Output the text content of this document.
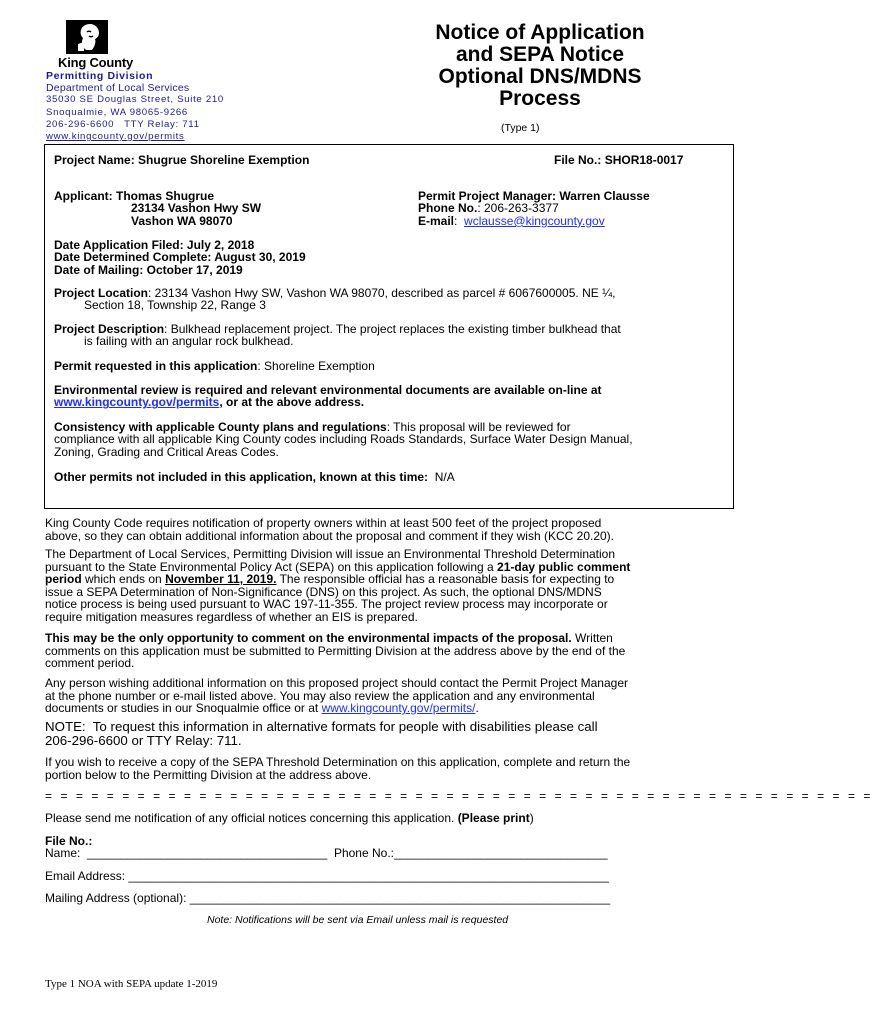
King County
Permitting Division
Department of Local Services
35030 SE Douglas Street, Suite 210
Snoqualmie, WA 98065-9266
206-296-6600   TTY Relay: 711
www.kingcounty.gov/permits
Notice of Application
and SEPA Notice
Optional DNS/MDNS
Process
(Type 1)
Project Name: Shugrue Shoreline Exemption	File No.: SHOR18-0017
Applicant: Thomas Shugrue
23134 Vashon Hwy SW
Vashon WA 98070
Permit Project Manager: Warren Clausse
Phone No.: 206-263-3377
E-mail:  wclausse@kingcounty.gov
Date Application Filed: July 2, 2018
Date Determined Complete: August 30, 2019
Date of Mailing: October 17, 2019
Project Location: 23134 Vashon Hwy SW, Vashon WA 98070, described as parcel # 6067600005. NE ¼,
Section 18, Township 22, Range 3
Project Description: Bulkhead replacement project. The project replaces the existing timber bulkhead that
is failing with an angular rock bulkhead.
Permit requested in this application: Shoreline Exemption
Environmental review is required and relevant environmental documents are available on-line at
www.kingcounty.gov/permits, or at the above address.
Consistency with applicable County plans and regulations: This proposal will be reviewed for
compliance with all applicable King County codes including Roads Standards, Surface Water Design Manual,
Zoning, Grading and Critical Areas Codes.
Other permits not included in this application, known at this time:  N/A
King County Code requires notification of property owners within at least 500 feet of the project proposed
above, so they can obtain additional information about the proposal and comment if they wish (KCC 20.20).
The Department of Local Services, Permitting Division will issue an Environmental Threshold Determination
pursuant to the State Environmental Policy Act (SEPA) on this application following a 21-day public comment
period which ends on November 11, 2019. The responsible official has a reasonable basis for expecting to
issue a SEPA Determination of Non-Significance (DNS) on this project. As such, the optional DNS/MDNS
notice process is being used pursuant to WAC 197-11-355. The project review process may incorporate or
require mitigation measures regardless of whether an EIS is prepared.
This may be the only opportunity to comment on the environmental impacts of the proposal. Written
comments on this application must be submitted to Permitting Division at the address above by the end of the
comment period.
Any person wishing additional information on this proposed project should contact the Permit Project Manager
at the phone number or e-mail listed above. You may also review the application and any environmental
documents or studies in our Snoqualmie office or at www.kingcounty.gov/permits/.
NOTE:  To request this information in alternative formats for people with disabilities please call
206-296-6600 or TTY Relay: 711.
If you wish to receive a copy of the SEPA Threshold Determination on this application, complete and return the
portion below to the Permitting Division at the address above.
= = = = = = = = = = = = = = = = = = = = = = = = = = = = = = = = = = = = = = = = = = = = = = = = = = = = = =
Please send me notification of any official notices concerning this application. (Please print)
File No.:
Name:  ____________________________________ Phone No.:________________________________
Email Address: ________________________________________________________________________
Mailing Address (optional): _______________________________________________________________
Note: Notifications will be sent via Email unless mail is requested
Type 1 NOA with SEPA update 1-2019
